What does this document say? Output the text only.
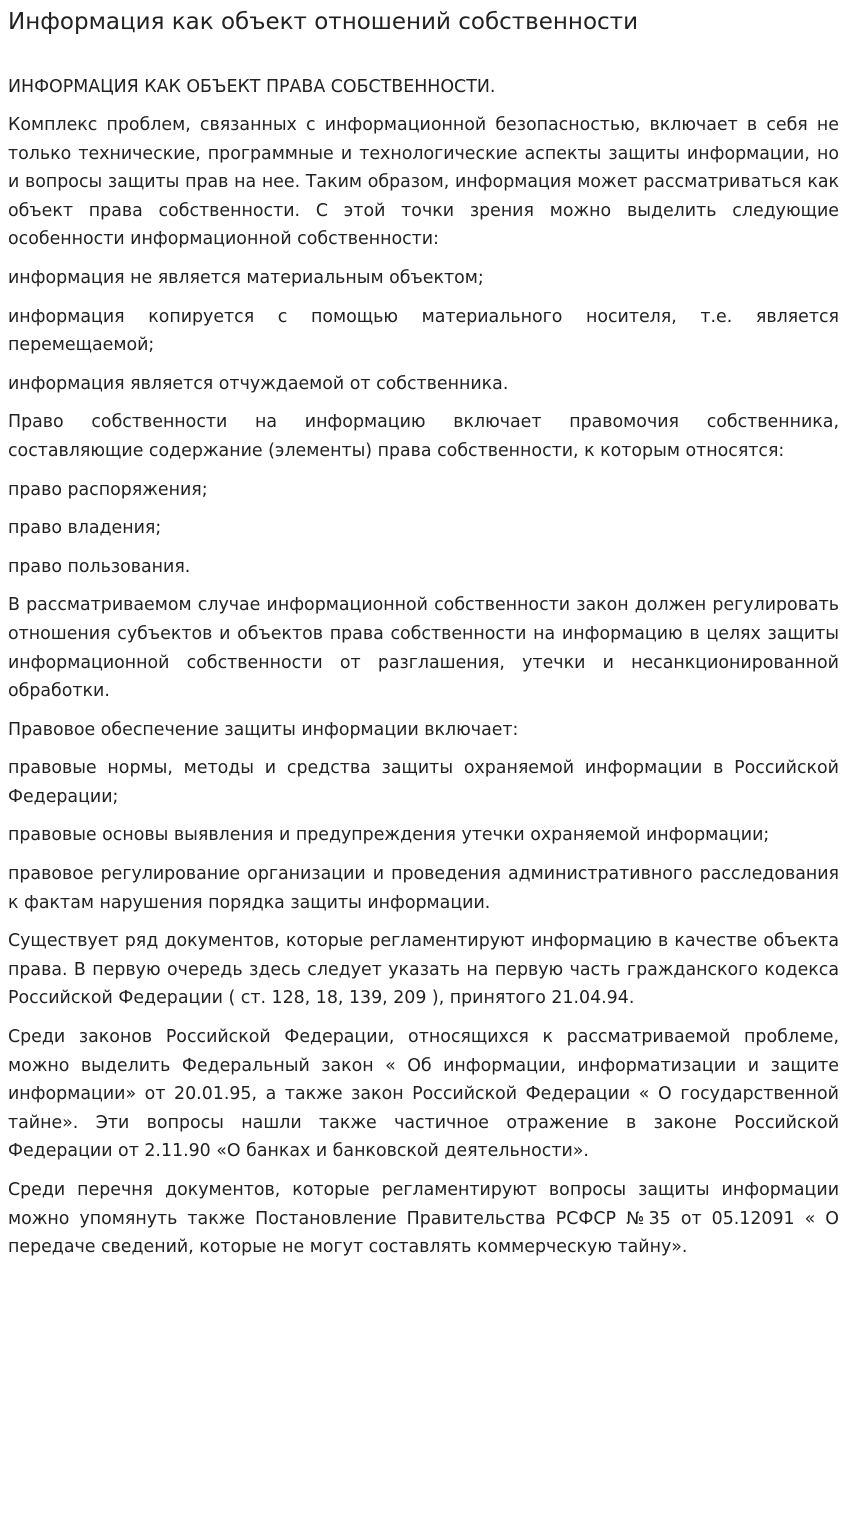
Информация как объект отношений собственности
ИНФОРМАЦИЯ КАК ОБЪЕКТ ПРАВА СОБСТВЕННОСТИ.

Комплекс проблем, связанных с информационной безопасностью, включает в себя не только технические, программные и технологические аспекты защиты информации, но и вопросы защиты прав на нее. Таким образом, информация может рассматриваться как объект права собственности. С этой точки зрения можно выделить следующие особенности информационной собственности:

информация не является материальным объектом;

информация копируется с помощью материального носителя, т.е. является перемещаемой;

информация является отчуждаемой от собственника.

Право собственности на информацию включает правомочия собственника, составляющие содержание (элементы) права собственности, к которым относятся:

право распоряжения;

право владения;

право пользования.

В рассматриваемом случае информационной собственности закон должен регулировать отношения субъектов и объектов права собственности на информацию в целях защиты информационной собственности от разглашения, утечки и несанкционированной обработки.

Правовое обеспечение защиты информации включает:

правовые нормы, методы и средства защиты охраняемой информации в Российской Федерации;

правовые основы выявления и предупреждения утечки охраняемой информации;

правовое регулирование организации и проведения административного расследования к фактам нарушения порядка защиты информации.

Существует ряд документов, которые регламентируют информацию в качестве объекта права. В первую очередь здесь следует указать на первую часть гражданского кодекса Российской Федерации ( ст. 128, 18, 139, 209 ), принятого 21.04.94.

Среди законов Российской Федерации, относящихся к рассматриваемой проблеме, можно выделить Федеральный закон « Об информации, информатизации и защите информации» от 20.01.95, а также закон Российской Федерации « О государственной тайне». Эти вопросы нашли также частичное отражение в законе Российской Федерации от 2.11.90 «О банках и банковской деятельности».

Среди перечня документов, которые регламентируют вопросы защиты информации можно упомянуть также Постановление Правительства РСФСР №35 от 05.12091 « О передаче сведений, которые не могут составлять коммерческую тайну».
